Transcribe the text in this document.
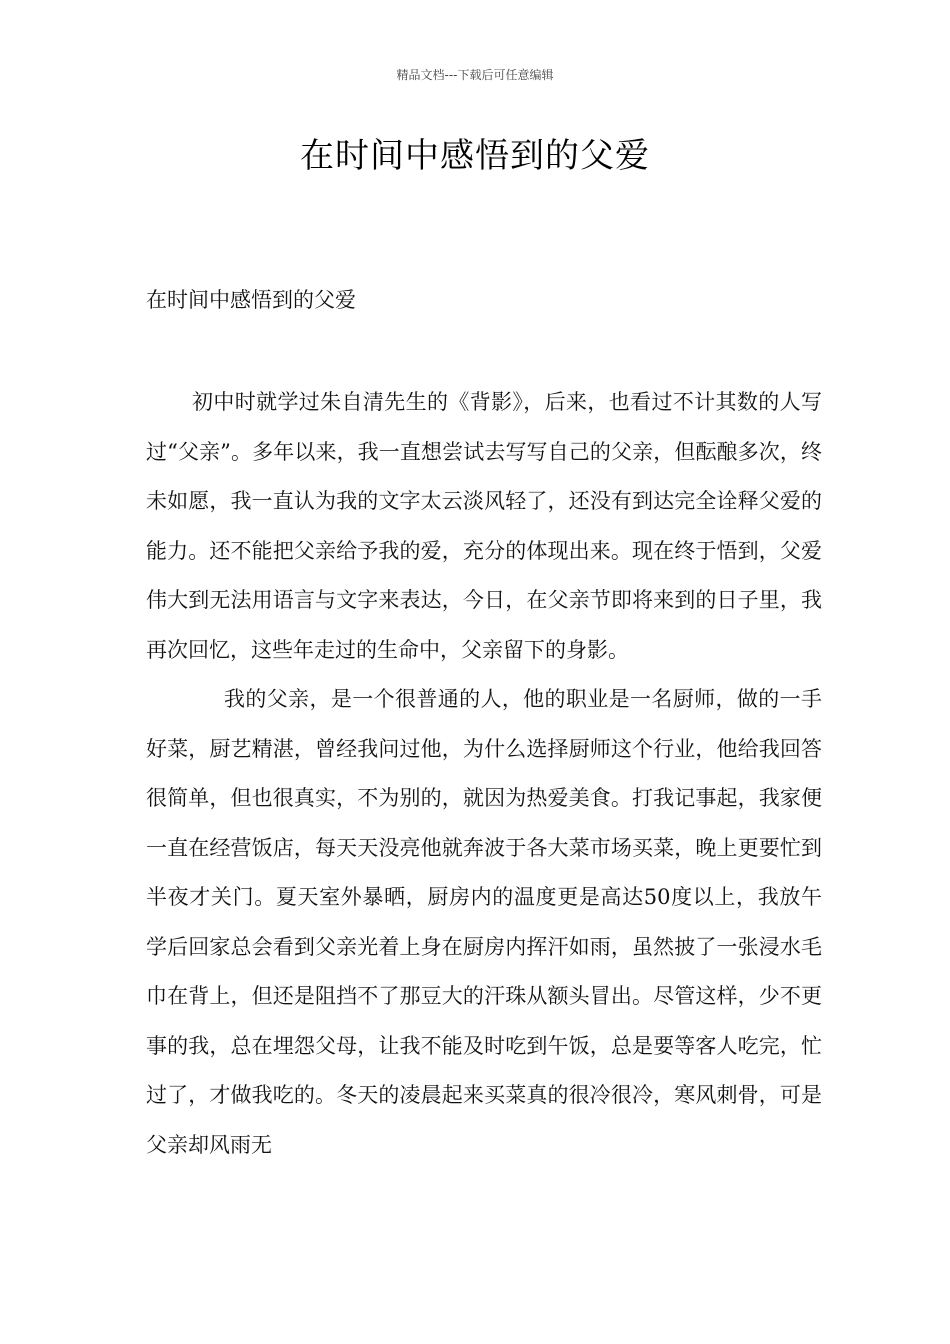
精品文档---下载后可任意编辑
在时间中感悟到的父爱
在时间中感悟到的父爱

初中时就学过朱自清先生的《背影》，后来，也看过不计其数的人写过“父亲”。多年以来，我一直想尝试去写写自己的父亲，但酝酿多次，终未如愿，我一直认为我的文字太云淡风轻了，还没有到达完全诠释父爱的能力。还不能把父亲给予我的爱，充分的体现出来。现在终于悟到，父爱伟大到无法用语言与文字来表达，今日，在父亲节即将来到的日子里，我再次回忆，这些年走过的生命中，父亲留下的身影。

我的父亲，是一个很普通的人，他的职业是一名厨师，做的一手好菜，厨艺精湛，曾经我问过他，为什么选择厨师这个行业，他给我回答很简单，但也很真实，不为别的，就因为热爱美食。打我记事起，我家便一直在经营饭店，每天天没亮他就奔波于各大菜市场买菜，晚上更要忙到半夜才关门。夏天室外暴晒，厨房内的温度更是高达50度以上，我放午学后回家总会看到父亲光着上身在厨房内挥汗如雨，虽然披了一张浸水毛巾在背上，但还是阻挡不了那豆大的汗珠从额头冒出。尽管这样，少不更事的我，总在埋怨父母，让我不能及时吃到午饭，总是要等客人吃完，忙过了，才做我吃的。冬天的凌晨起来买菜真的很冷很冷，寒风刺骨，可是父亲却风雨无
